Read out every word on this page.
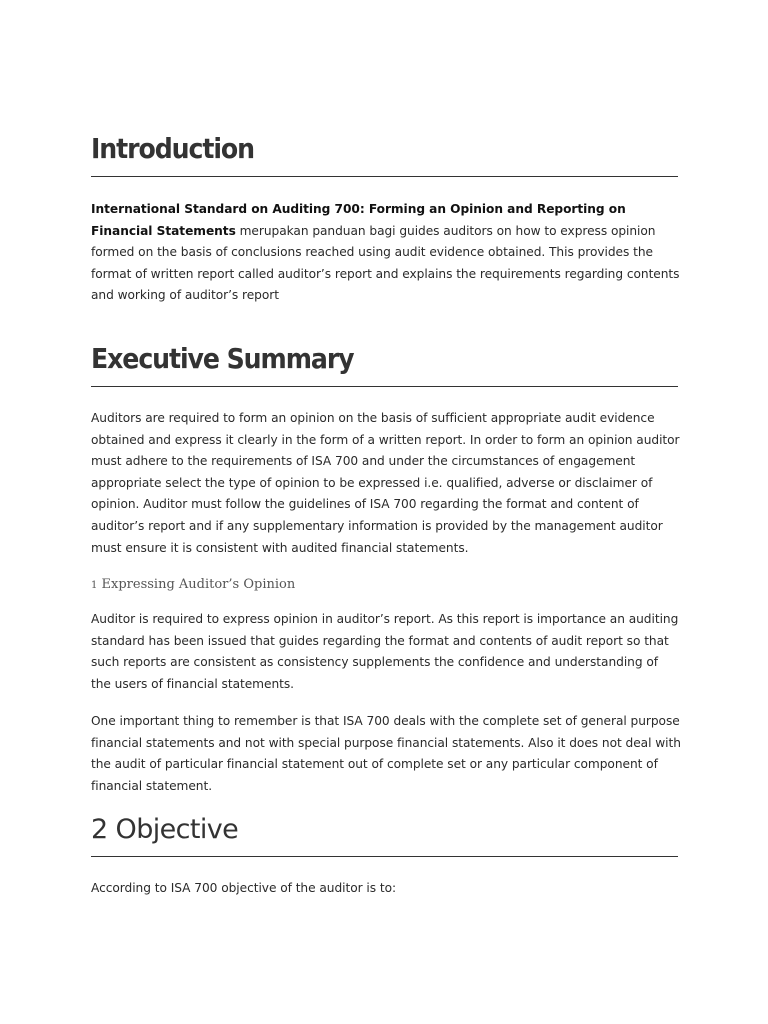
Introduction

International Standard on Auditing 700: Forming an Opinion and Reporting on Financial Statements merupakan panduan bagi guides auditors on how to express opinion formed on the basis of conclusions reached using audit evidence obtained. This provides the format of written report called auditor’s report and explains the requirements regarding contents and working of auditor’s report

Executive Summary

Auditors are required to form an opinion on the basis of sufficient appropriate audit evidence obtained and express it clearly in the form of a written report. In order to form an opinion auditor must adhere to the requirements of ISA 700 and under the circumstances of engagement appropriate select the type of opinion to be expressed i.e. qualified, adverse or disclaimer of opinion. Auditor must follow the guidelines of ISA 700 regarding the format and content of auditor’s report and if any supplementary information is provided by the management auditor must ensure it is consistent with audited financial statements.

1 Expressing Auditor’s Opinion

Auditor is required to express opinion in auditor’s report. As this report is importance an auditing standard has been issued that guides regarding the format and contents of audit report so that such reports are consistent as consistency supplements the confidence and understanding of the users of financial statements.

One important thing to remember is that ISA 700 deals with the complete set of general purpose financial statements and not with special purpose financial statements. Also it does not deal with the audit of particular financial statement out of complete set or any particular component of financial statement.

2 Objective

According to ISA 700 objective of the auditor is to:
